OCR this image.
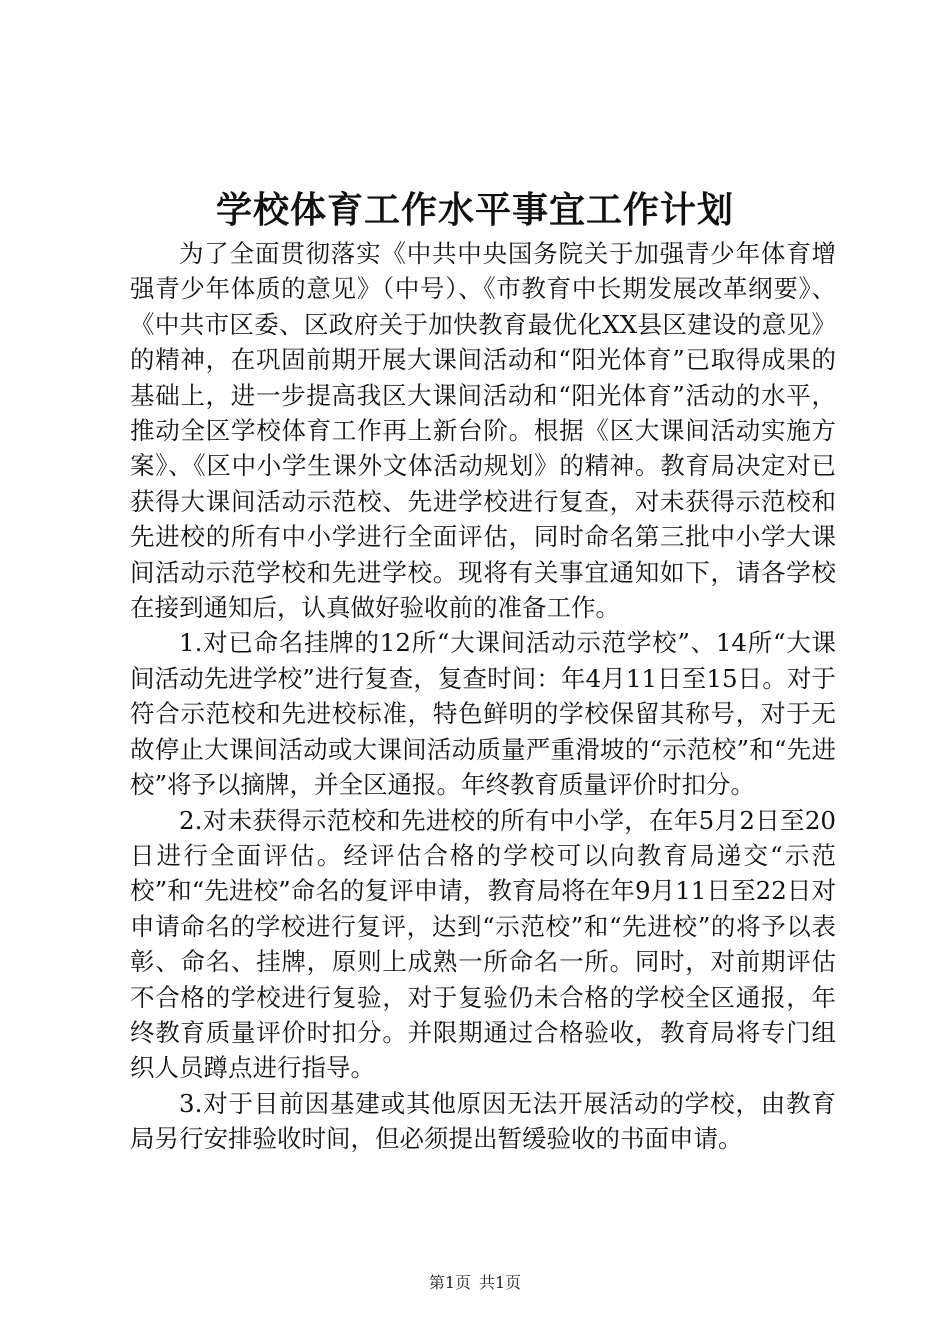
学校体育工作水平事宜工作计划

为了全面贯彻落实《中共中央国务院关于加强青少年体育增强青少年体质的意见》（中号）、《市教育中长期发展改革纲要》、《中共市区委、区政府关于加快教育最优化XX县区建设的意见》的精神，在巩固前期开展大课间活动和“阳光体育”已取得成果的基础上，进一步提高我区大课间活动和“阳光体育”活动的水平，推动全区学校体育工作再上新台阶。根据《区大课间活动实施方案》、《区中小学生课外文体活动规划》的精神。教育局决定对已获得大课间活动示范校、先进学校进行复查，对未获得示范校和先进校的所有中小学进行全面评估，同时命名第三批中小学大课间活动示范学校和先进学校。现将有关事宜通知如下，请各学校在接到通知后，认真做好验收前的准备工作。

1.对已命名挂牌的12所“大课间活动示范学校”、14所“大课间活动先进学校”进行复查，复查时间：年4月11日至15日。对于符合示范校和先进校标准，特色鲜明的学校保留其称号，对于无故停止大课间活动或大课间活动质量严重滑坡的“示范校”和“先进校”将予以摘牌，并全区通报。年终教育质量评价时扣分。

2.对未获得示范校和先进校的所有中小学，在年5月2日至20日进行全面评估。经评估合格的学校可以向教育局递交“示范校”和“先进校”命名的复评申请，教育局将在年9月11日至22日对申请命名的学校进行复评，达到“示范校”和“先进校”的将予以表彰、命名、挂牌，原则上成熟一所命名一所。同时，对前期评估不合格的学校进行复验，对于复验仍未合格的学校全区通报，年终教育质量评价时扣分。并限期通过合格验收，教育局将专门组织人员蹲点进行指导。

3.对于目前因基建或其他原因无法开展活动的学校，由教育局另行安排验收时间，但必须提出暂缓验收的书面申请。

第1页 共1页
